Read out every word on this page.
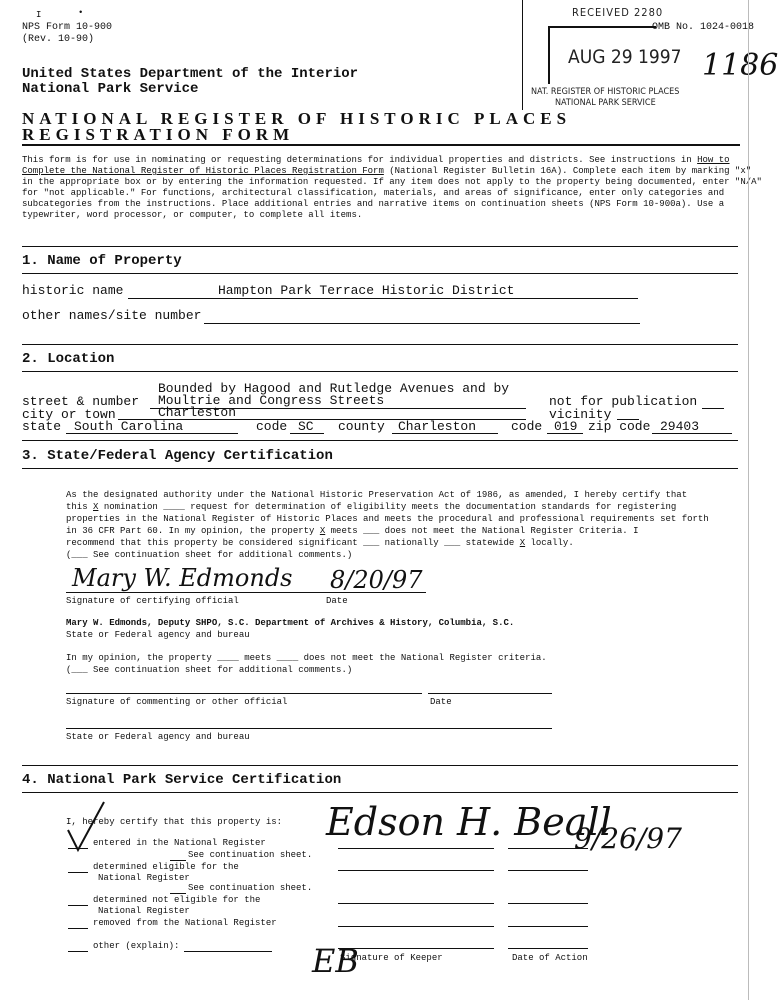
I	•
NPS Form 10-900
(Rev. 10-90)
RECEIVED 2280
OMB No. 1024-0018
AUG 29 1997
NAT. REGISTER OF HISTORIC PLACES
NATIONAL PARK SERVICE
1186
United States Department of the Interior
National Park Service
NATIONAL REGISTER OF HISTORIC PLACES
REGISTRATION FORM
This form is for use in nominating or requesting determinations for individual properties and districts. See instructions in How to
Complete the National Register of Historic Places Registration Form (National Register Bulletin 16A). Complete each item by marking "x"
in the appropriate box or by entering the information requested. If any item does not apply to the property being documented, enter "N/A"
for "not applicable." For functions, architectural classification, materials, and areas of significance, enter only categories and
subcategories from the instructions. Place additional entries and narrative items on continuation sheets (NPS Form 10-900a). Use a
typewriter, word processor, or computer, to complete all items.
1. Name of Property
historic name	Hampton Park Terrace Historic District
other names/site number
2. Location
Bounded by Hagood and Rutledge Avenues and by
street & number Moultrie and Congress Streets	not for publication
city or town	Charleston	vicinity
state South Carolina	code SC county Charleston	code 019 zip code 29403
3. State/Federal Agency Certification
As the designated authority under the National Historic Preservation Act of 1986, as amended, I hereby certify that
this X nomination ____ request for determination of eligibility meets the documentation standards for registering
properties in the National Register of Historic Places and meets the procedural and professional requirements set forth
in 36 CFR Part 60. In my opinion, the property X meets ___ does not meet the National Register Criteria. I
recommend that this property be considered significant ___ nationally ___ statewide X locally.
(___ See continuation sheet for additional comments.)
Mary W. Edmonds 8/20/97
Signature of certifying official	Date
Mary W. Edmonds, Deputy SHPO, S.C. Department of Archives & History, Columbia, S.C.
State or Federal agency and bureau
In my opinion, the property ____ meets ____ does not meet the National Register criteria.
(___ See continuation sheet for additional comments.)
Signature of commenting or other official	Date
State or Federal agency and bureau
4. National Park Service Certification
I, hereby certify that this property is:
entered in the National Register
See continuation sheet.
determined eligible for the
National Register
See continuation sheet.
determined not eligible for the
National Register
removed from the National Register
other (explain):
Edson H. Beall
9/26/97
EB
Signature of Keeper	Date of Action
